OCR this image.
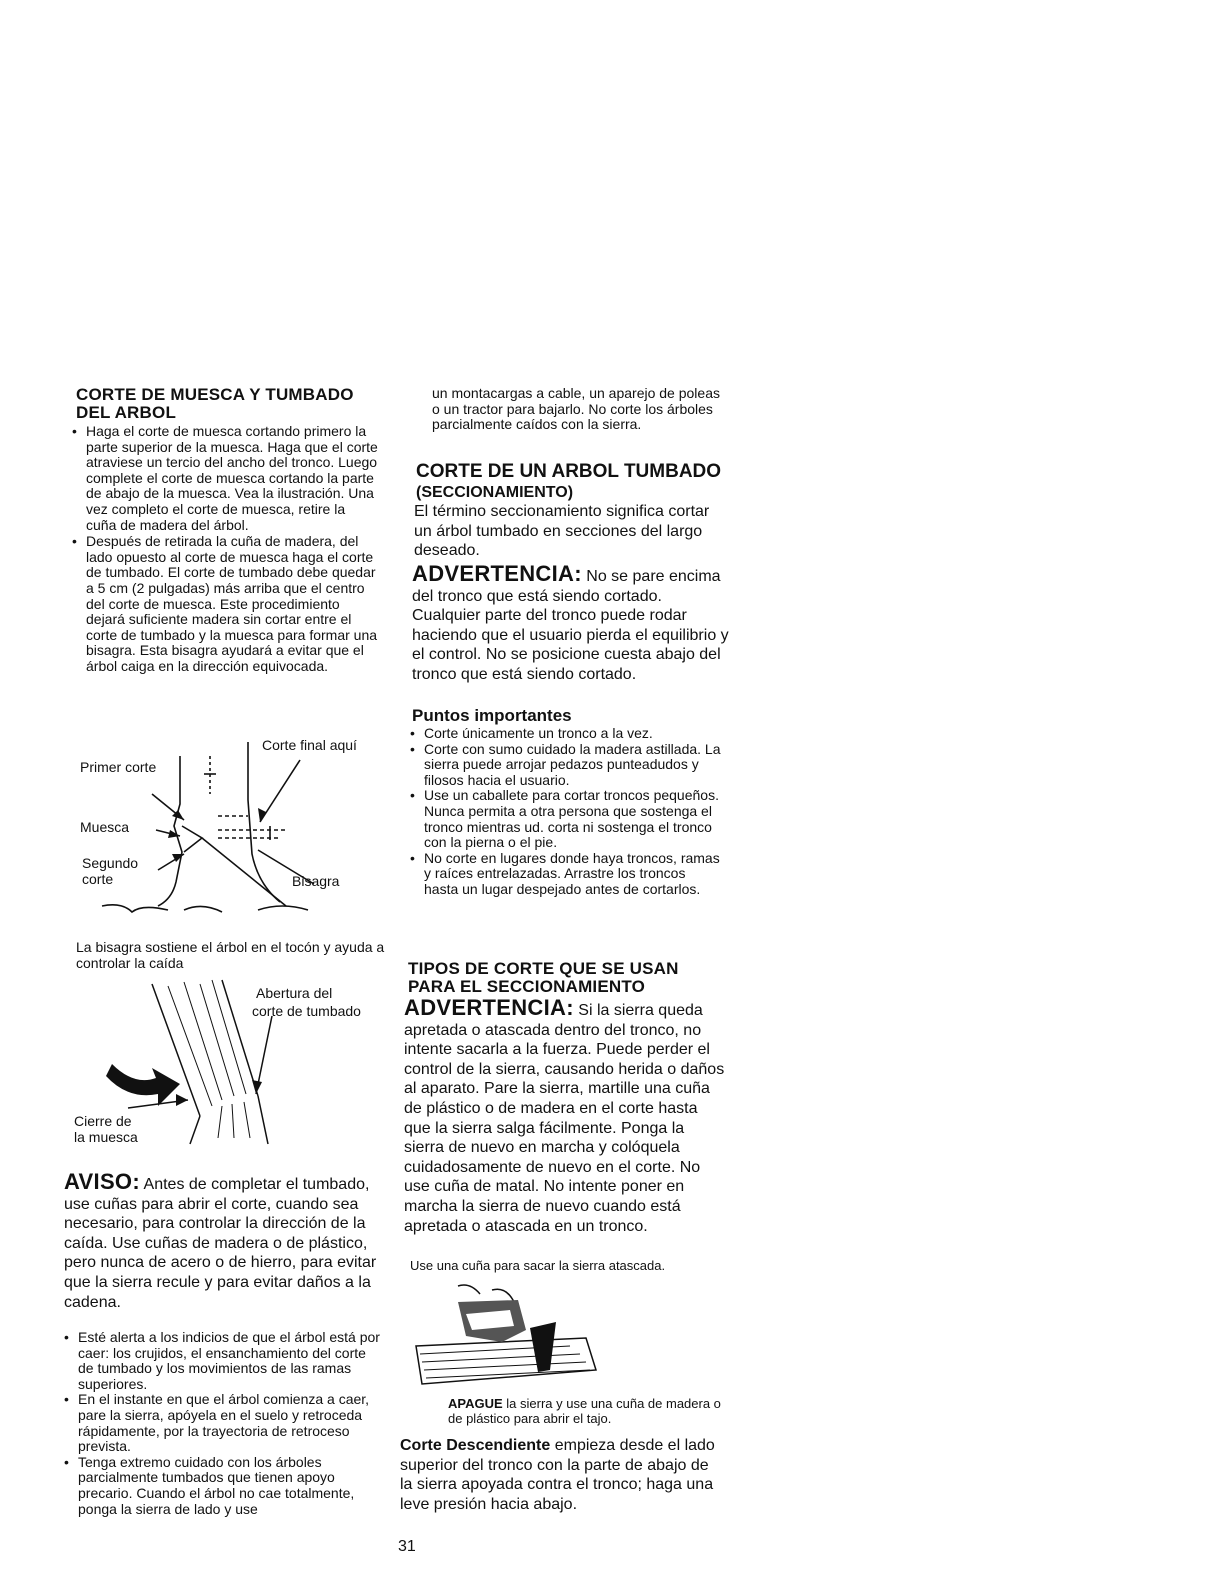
CORTE DE MUESCA Y TUMBADO
DEL ARBOL
• Haga el corte de muesca cortando primero la parte superior de la muesca. Haga que el corte atraviese un tercio del ancho del tronco. Luego complete el corte de muesca cortando la parte de abajo de la muesca. Vea la ilustración. Una vez completo el corte de muesca, retire la cuña de madera del árbol.
• Después de retirada la cuña de madera, del lado opuesto al corte de muesca haga el corte de tumbado. El corte de tumbado debe quedar a 5 cm (2 pulgadas) más arriba que el centro del corte de muesca. Este procedimiento dejará suficiente madera sin cortar entre el corte de tumbado y la muesca para formar una bisagra. Esta bisagra ayudará a evitar que el árbol caiga en la dirección equivocada.
Corte final aquí
Primer corte
Muesca
Segundo
corte	Bisagra
La bisagra sostiene el árbol en el tocón y ayuda a controlar la caída
Abertura del
corte de tumbado
Cierre de
la muesca
AVISO: Antes de completar el tumbado, use cuñas para abrir el corte, cuando sea necesario, para controlar la dirección de la caída. Use cuñas de madera o de plástico, pero nunca de acero o de hierro, para evitar que la sierra recule y para evitar daños a la cadena.
• Esté alerta a los indicios de que el árbol está por caer: los crujidos, el ensanchamiento del corte de tumbado y los movimientos de las ramas superiores.
• En el instante en que el árbol comienza a caer, pare la sierra, apóyela en el suelo y retroceda rápidamente, por la trayectoria de retroceso prevista.
• Tenga extremo cuidado con los árboles parcialmente tumbados que tienen apoyo precario. Cuando el árbol no cae totalmente, ponga la sierra de lado y use
un montacargas a cable, un aparejo de poleas o un tractor para bajarlo. No corte los árboles parcialmente caídos con la sierra.
CORTE DE UN ARBOL TUMBADO
(SECCIONAMIENTO)
El término seccionamiento significa cortar un árbol tumbado en secciones del largo deseado.
ADVERTENCIA: No se pare encima del tronco que está siendo cortado. Cualquier parte del tronco puede rodar haciendo que el usuario pierda el equilibrio y el control. No se posicione cuesta abajo del tronco que está siendo cortado.
Puntos importantes
• Corte únicamente un tronco a la vez.
• Corte con sumo cuidado la madera astillada. La sierra puede arrojar pedazos punteadudos y filosos hacia el usuario.
• Use un caballete para cortar troncos pequeños. Nunca permita a otra persona que sostenga el tronco mientras ud. corta ni sostenga el tronco con la pierna o el pie.
• No corte en lugares donde haya troncos, ramas y raíces entrelazadas. Arrastre los troncos hasta un lugar despejado antes de cortarlos.
TIPOS DE CORTE QUE SE USAN
PARA EL SECCIONAMIENTO
ADVERTENCIA: Si la sierra queda apretada o atascada dentro del tronco, no intente sacarla a la fuerza. Puede perder el control de la sierra, causando herida o daños al aparato. Pare la sierra, martille una cuña de plástico o de madera en el corte hasta que la sierra salga fácilmente. Ponga la sierra de nuevo en marcha y colóquela cuidadosamente de nuevo en el corte. No use cuña de matal. No intente poner en marcha la sierra de nuevo cuando está apretada o atascada en un tronco.
Use una cuña para sacar la sierra atascada.
APAGUE la sierra y use una cuña de madera o de plástico para abrir el tajo.
Corte Descendiente empieza desde el lado superior del tronco con la parte de abajo de la sierra apoyada contra el tronco; haga una leve presión hacia abajo.
31
